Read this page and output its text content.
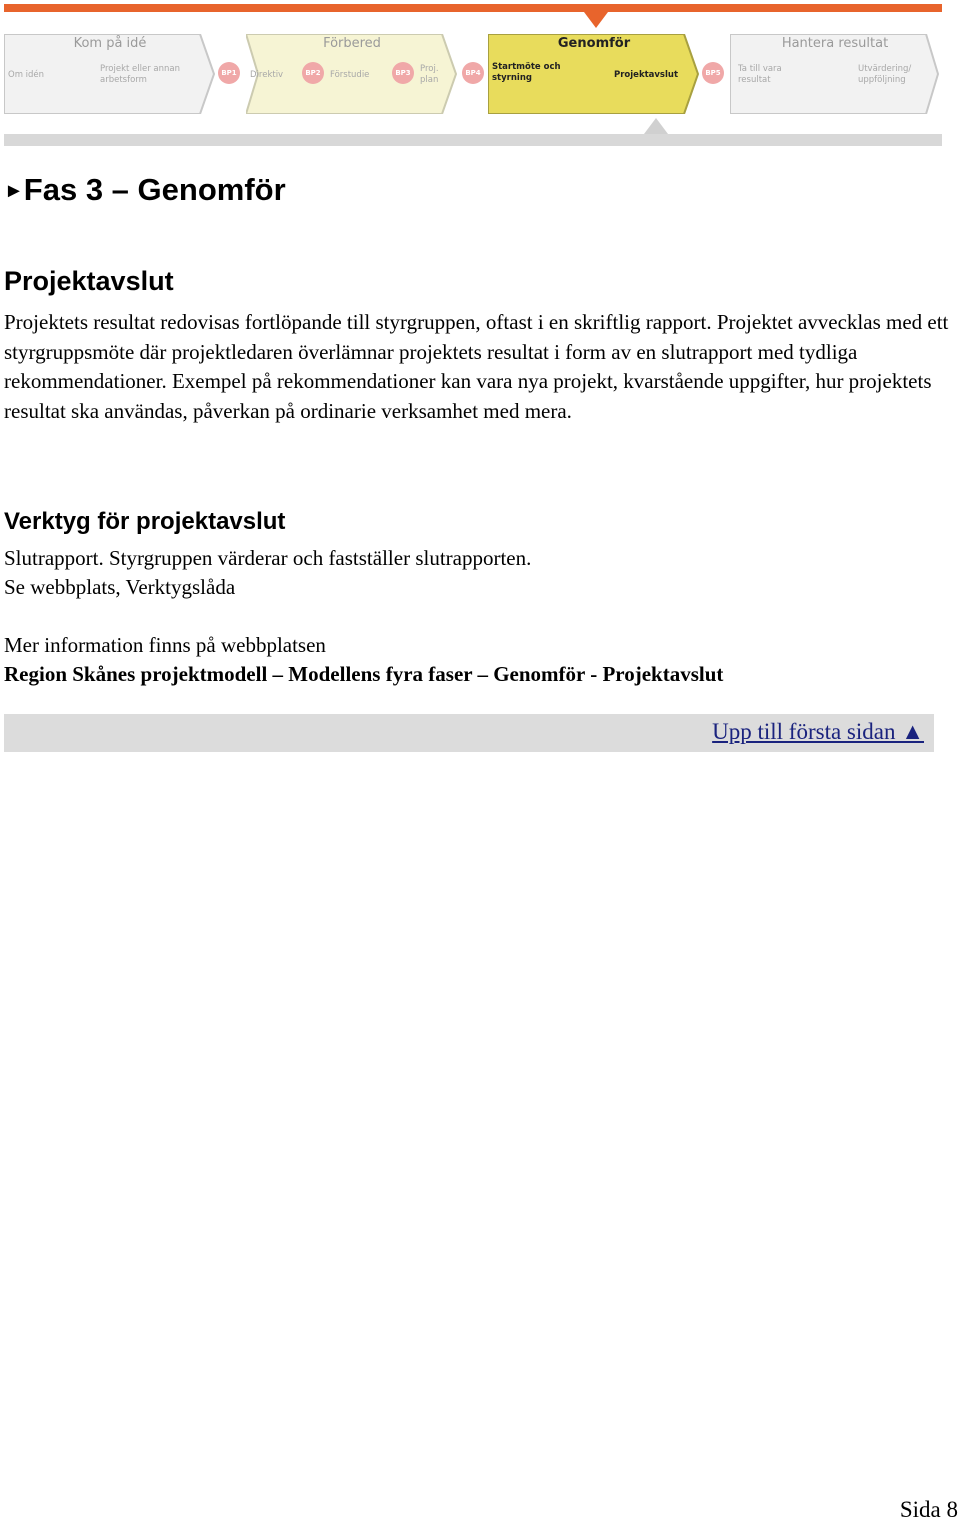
Kom på idé
Om idén
Projekt eller annan arbetsform
BP1
Förbered
Direktiv	BP2	Förstudie	BP3	Proj. plan
Genomför
Startmöte och styrning	Projektavslut	BP5
BP4
Hantera resultat
Ta till vara resultat
Utvärdering/ uppföljning
►Fas 3 – Genomför
Projektavslut

Projektets resultat redovisas fortlöpande till styrgruppen, oftast i en skriftlig rapport. Projektet avvecklas med ett styrgruppsmöte där projektledaren överlämnar projektets resultat i form av en slutrapport med tydliga rekommendationer. Exempel på rekommendationer kan vara nya projekt, kvarstående uppgifter, hur projektets resultat ska användas, påverkan på ordinarie verksamhet med mera.

Verktyg för projektavslut

Slutrapport. Styrgruppen värderar och fastställer slutrapporten.

Se webbplats, Verktygslåda

Mer information finns på webbplatsen

Region Skånes projektmodell – Modellens fyra faser – Genomför - Projektavslut

Upp till första sidan ▲
Sida 8
